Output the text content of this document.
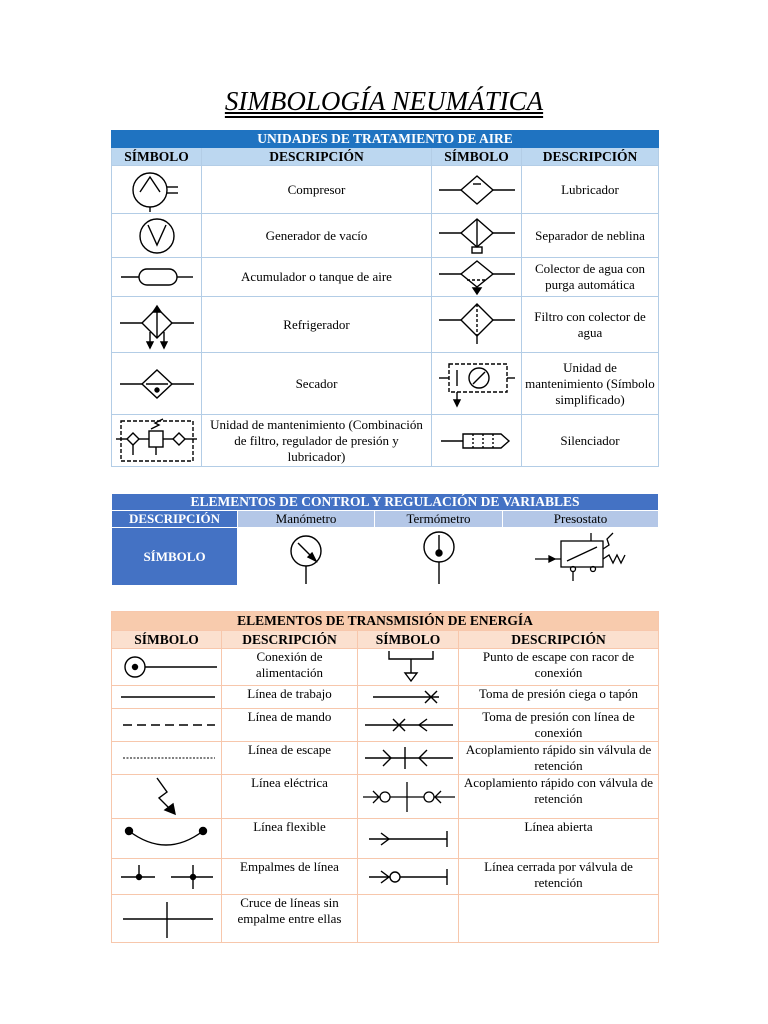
SIMBOLOGÍA NEUMÁTICA
UNIDADES DE TRATAMIENTO DE AIRE			
SÍMBOLO	DESCRIPCIÓN	SÍMBOLO	DESCRIPCIÓN

	Compresor		Lubricador

	Generador de vacío		Separador de neblina

	Acumulador o tanque de aire		Colector de agua con purga automática

	Refrigerador		Filtro con colector de agua

	Secador		Unidad de mantenimiento (Símbolo simplificado)

	Unidad de mantenimiento (Combinación de filtro, regulador de presión y lubricador)		Silenciador
ELEMENTOS DE CONTROL Y REGULACIÓN DE VARIABLES			
DESCRIPCIÓN	Manómetro	Termómetro	Presostato
SÍMBOLO	

ELEMENTOS DE TRANSMISIÓN DE ENERGÍA			
SÍMBOLO	DESCRIPCIÓN	SÍMBOLO	DESCRIPCIÓN

	Conexión de alimentación		Punto de escape con racor de conexión

	Línea de trabajo		Toma de presión ciega o tapón

	Línea de mando		Toma de presión con línea de conexión

	Línea de escape		Acoplamiento rápido sin válvula de retención

	Línea eléctrica		Acoplamiento rápido con válvula de retención

	Línea flexible		Línea abierta

	Empalmes de línea		Línea cerrada por válvula de retención

	Cruce de líneas sin empalme entre ellas		
